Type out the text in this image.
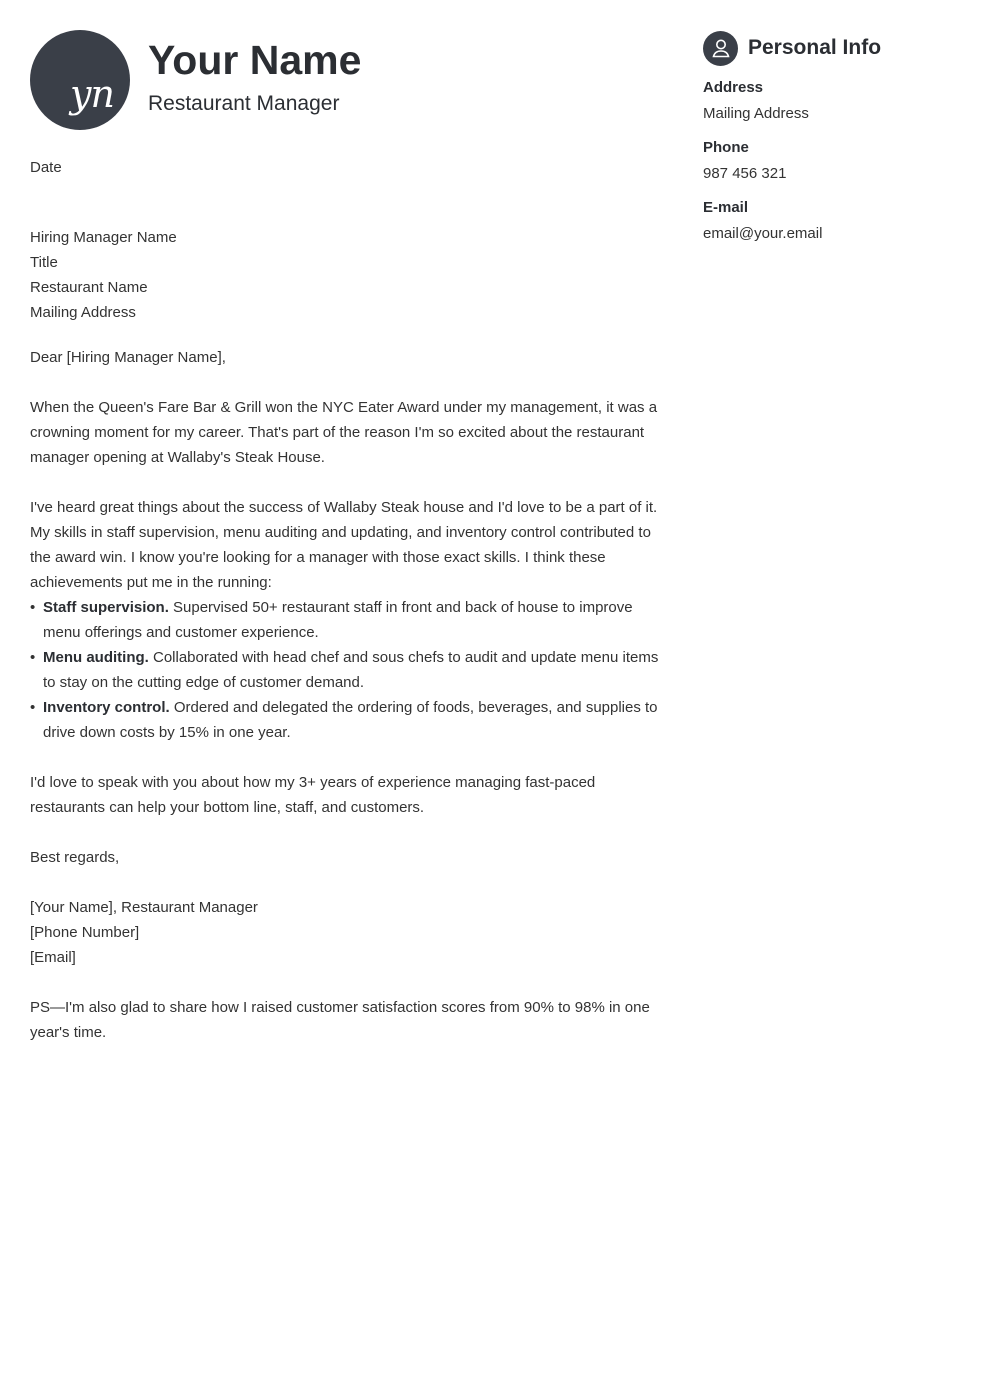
yn
Your Name
Restaurant Manager

Date

Hiring Manager Name

Title

Restaurant Name

Mailing Address

Dear [Hiring Manager Name],

When the Queen's Fare Bar & Grill won the NYC Eater Award under my management, it was a crowning moment for my career. That's part of the reason I'm so excited about the restaurant manager opening at Wallaby's Steak House.

I've heard great things about the success of Wallaby Steak house and I'd love to be a part of it. My skills in staff supervision, menu auditing and updating, and inventory control contributed to the award win. I know you're looking for a manager with those exact skills. I think these achievements put me in the running:

• Staff supervision. Supervised 50+ restaurant staff in front and back of house to improve menu offerings and customer experience.
• Menu auditing. Collaborated with head chef and sous chefs to audit and update menu items to stay on the cutting edge of customer demand.
• Inventory control. Ordered and delegated the ordering of foods, beverages, and supplies to drive down costs by 15% in one year.

I'd love to speak with you about how my 3+ years of experience managing fast-paced restaurants can help your bottom line, staff, and customers.

Best regards,

[Your Name], Restaurant Manager

[Phone Number]

[Email]

PS—I'm also glad to share how I raised customer satisfaction scores from 90% to 98% in one year's time.

Personal Info
Address
Mailing Address
Phone
987 456 321
E-mail
email@your.email
